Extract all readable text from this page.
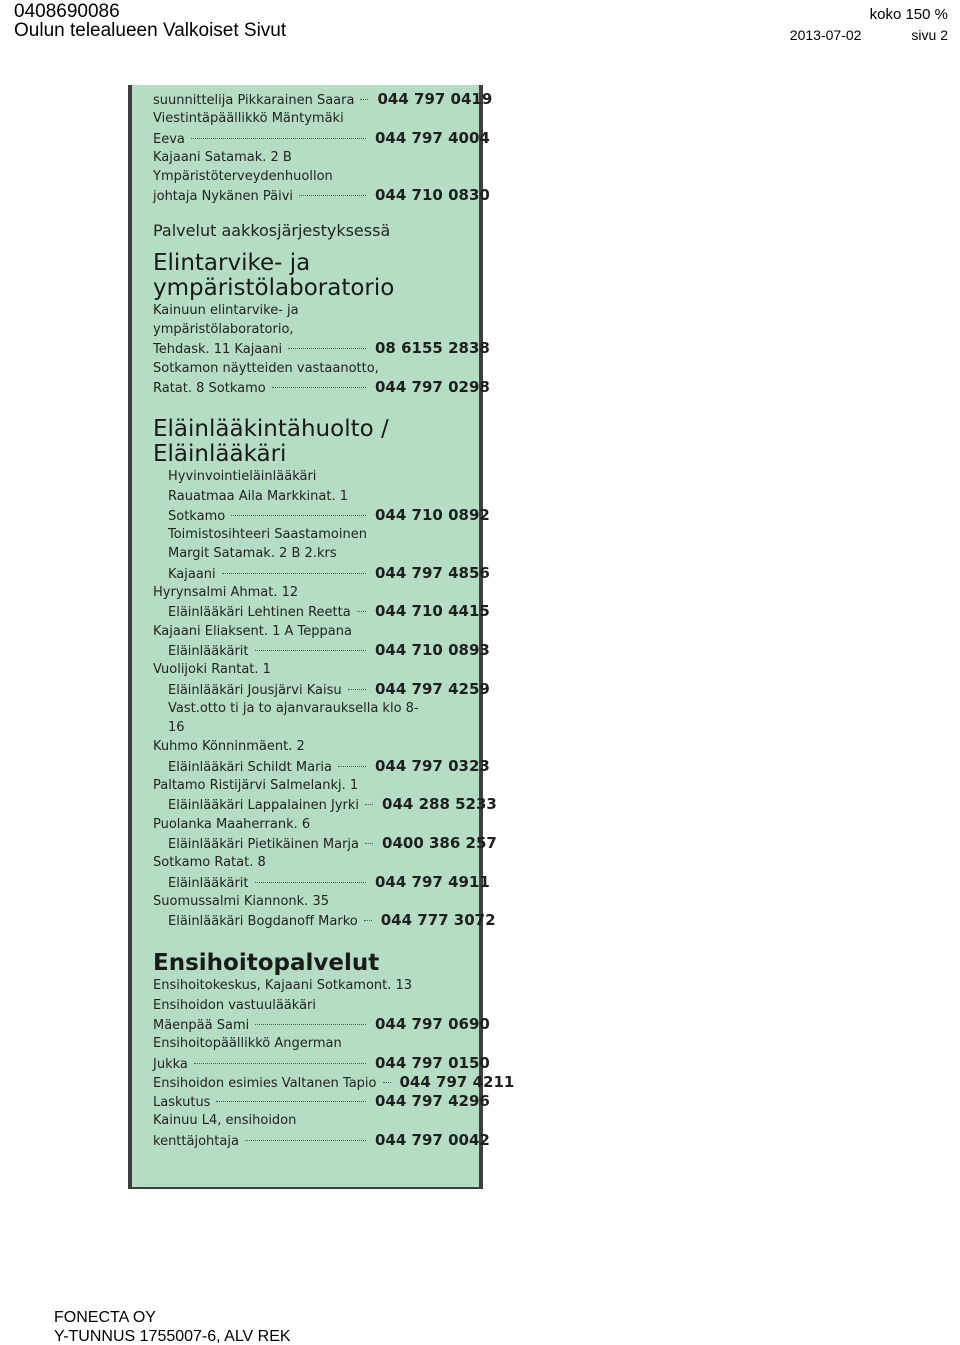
0408690086
Oulun telealueen Valkoiset Sivut
koko 150 %
2013-07-02	sivu 2
suunnittelija Pikkarainen Saara 044 797 0419
Viestintäpäällikkö Mäntymäki
Eeva	044 797 4004
Kajaani Satamak. 2 B
Ympäristöterveydenhuollon
johtaja Nykänen Päivi	044 710 0830
Palvelut aakkosjärjestyksessä
Elintarvike- ja
ympäristölaboratorio
Kainuun elintarvike- ja
ympäristölaboratorio,
Tehdask. 11 Kajaani	08 6155 2838
Sotkamon näytteiden vastaanotto,
Ratat. 8 Sotkamo	044 797 0298
Eläinlääkintähuolto /
Eläinlääkäri
Hyvinvointieläinlääkäri
Rauatmaa Aila Markkinat. 1
Sotkamo	044 710 0892
Toimistosihteeri Saastamoinen
Margit Satamak. 2 B 2.krs
Kajaani	044 797 4856
Hyrynsalmi Ahmat. 12
Eläinlääkäri Lehtinen Reetta 044 710 4415
Kajaani Eliaksent. 1 A Teppana
Eläinlääkärit	044 710 0893
Vuolijoki Rantat. 1
Eläinlääkäri Jousjärvi Kaisu 044 797 4259
Vast.otto ti ja to ajanvarauksella klo 8-
16
Kuhmo Könninmäent. 2
Eläinlääkäri Schildt Maria	044 797 0323
Paltamo Ristijärvi Salmelankj. 1
Eläinlääkäri Lappalainen Jyrki 044 288 5233
Puolanka Maaherrank. 6
Eläinlääkäri Pietikäinen Marja 0400 386 257
Sotkamo Ratat. 8
Eläinlääkärit	044 797 4911
Suomussalmi Kiannonk. 35
Eläinlääkäri Bogdanoff Marko 044 777 3072
Ensihoitopalvelut
Ensihoitokeskus, Kajaani Sotkamont. 13
Ensihoidon vastuulääkäri
Mäenpää Sami	044 797 0690
Ensihoitopäällikkö Angerman
Jukka	044 797 0150
Ensihoidon esimies Valtanen Tapio 044 797 4211
Laskutus	044 797 4296
Kainuu L4, ensihoidon
kenttäjohtaja	044 797 0042
FONECTA OY
Y-TUNNUS 1755007-6, ALV REK
